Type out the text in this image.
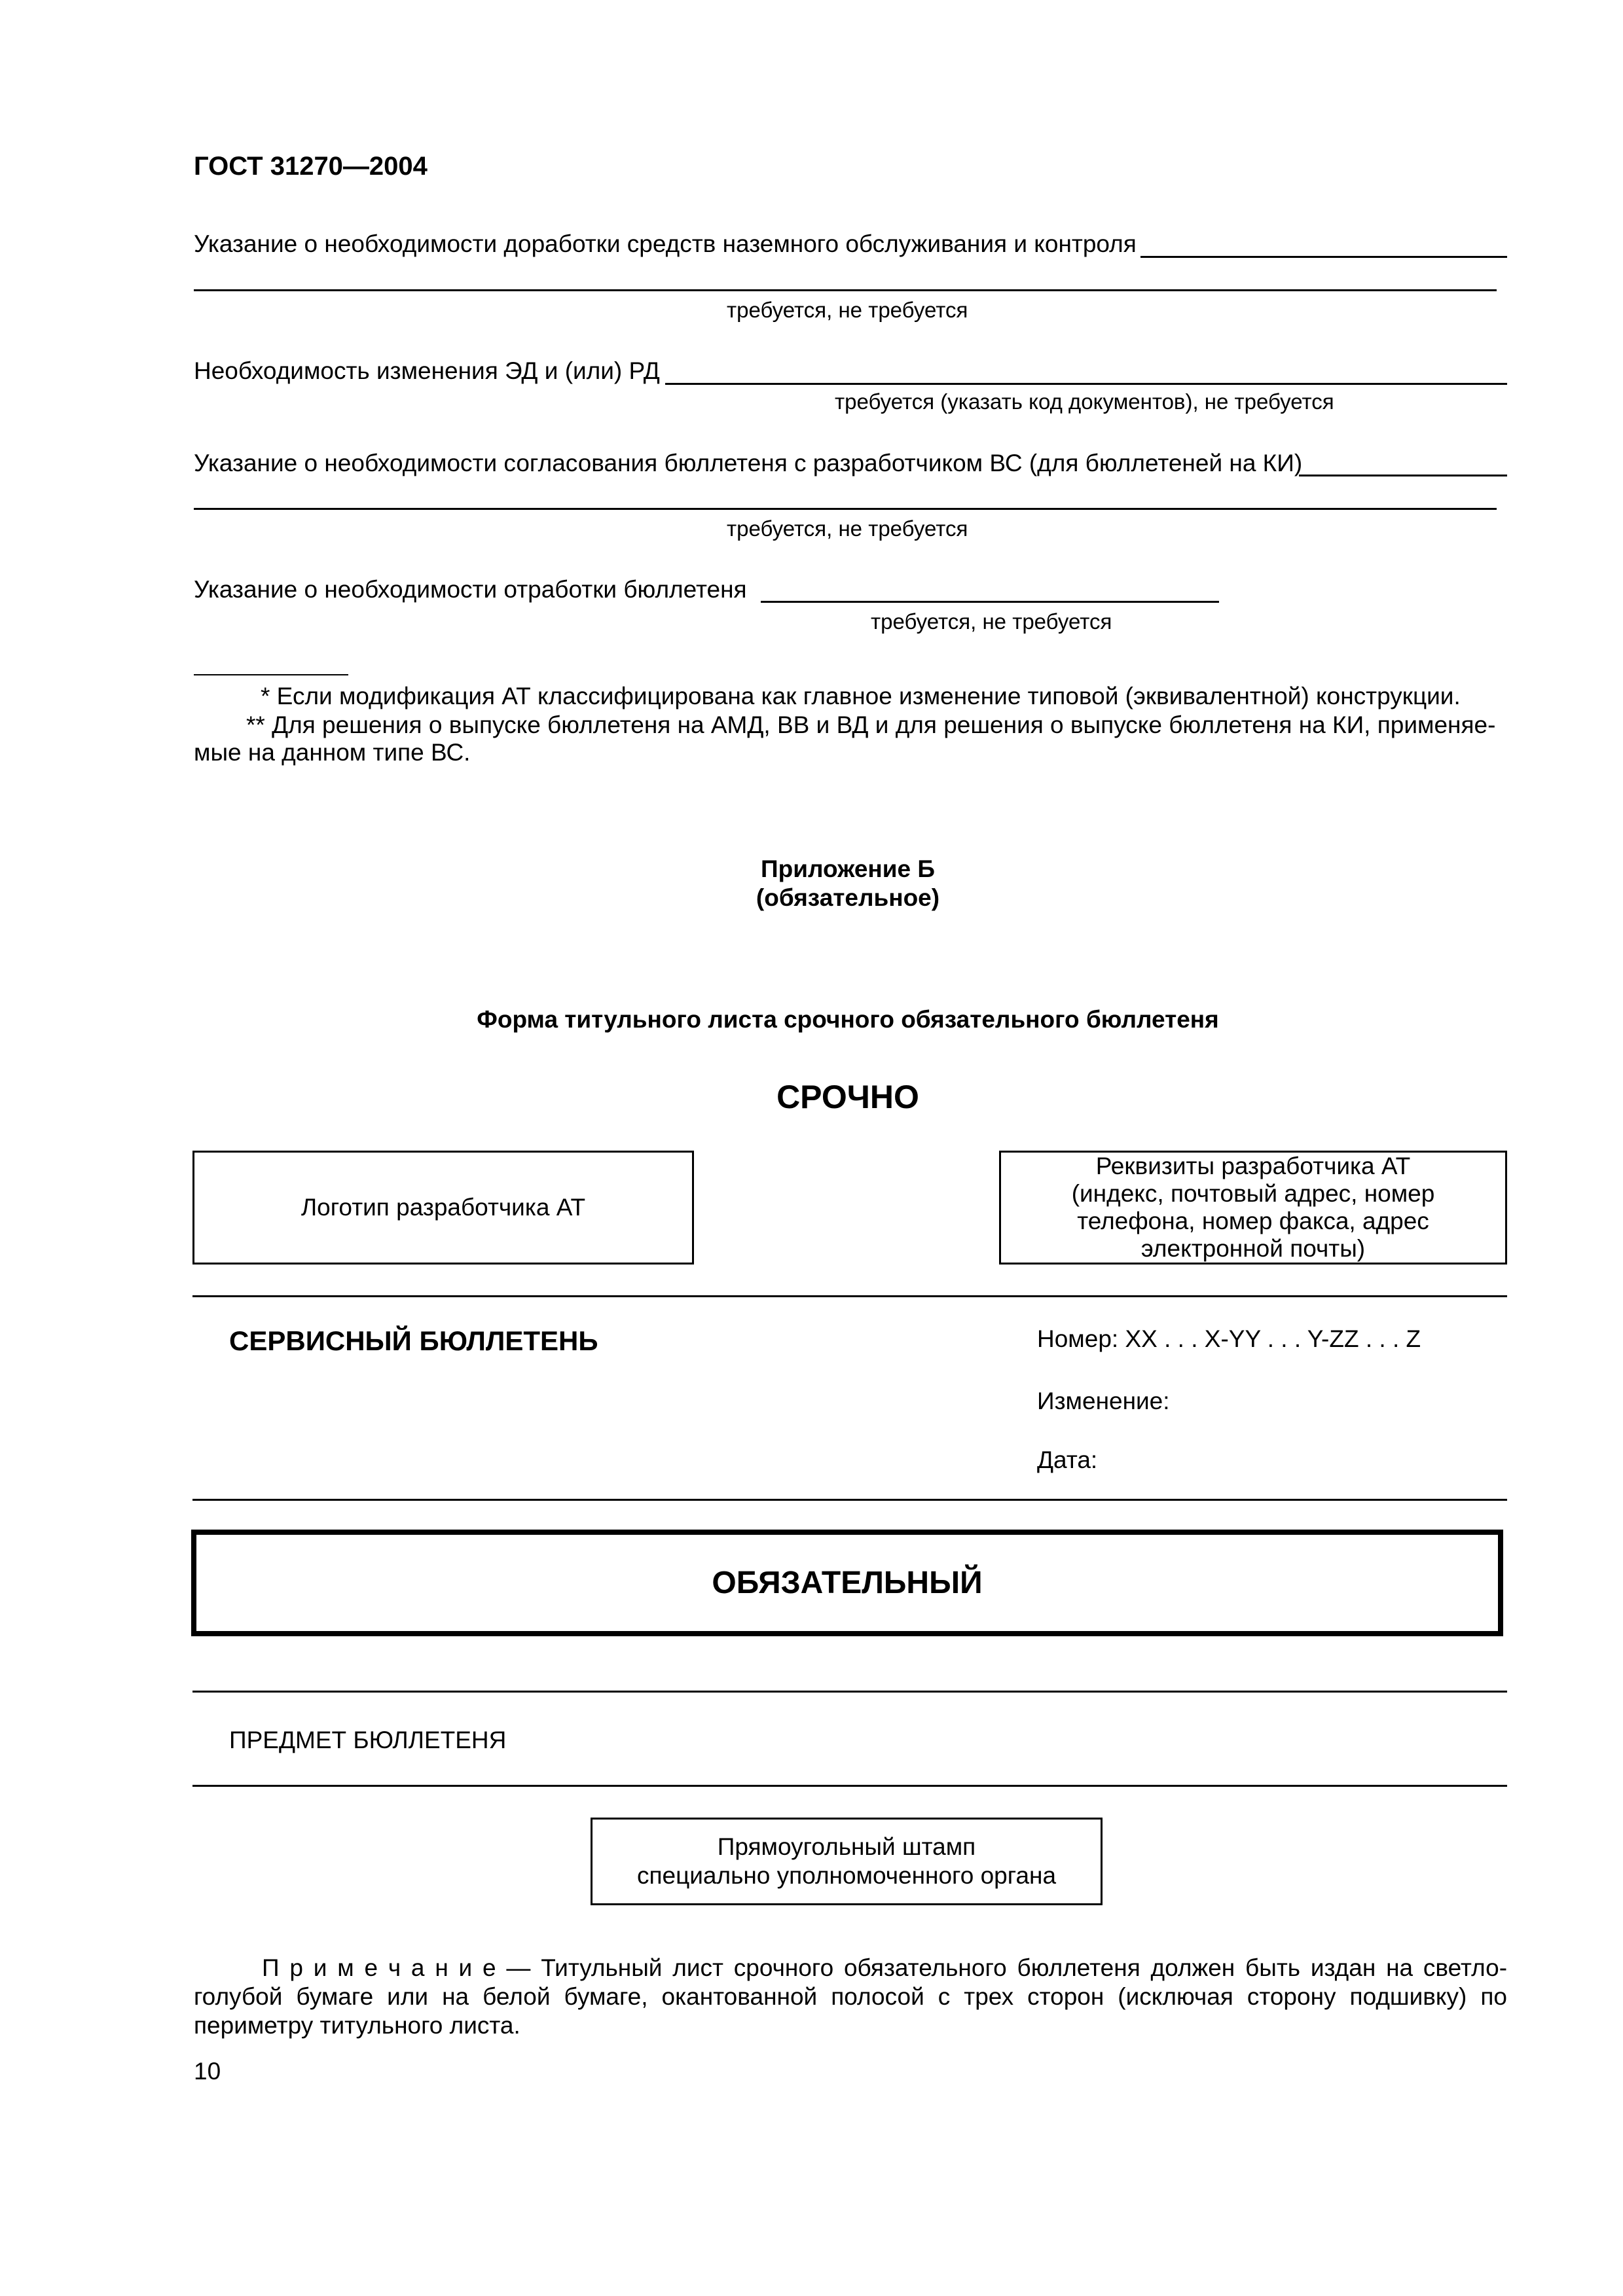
ГОСТ 31270—2004
Указание о необходимости доработки средств наземного обслуживания и контроля
требуется, не требуется
Необходимость изменения ЭД и (или) РД
требуется (указать код документов), не требуется
Указание о необходимости согласования бюллетеня с разработчиком ВС (для бюллетеней на КИ)
требуется, не требуется
Указание о необходимости отработки бюллетеня
требуется, не требуется
* Если модификация АТ классифицирована как главное изменение типовой (эквивалентной) конструкции.
** Для решения о выпуске бюллетеня на АМД, ВВ и ВД и для решения о выпуске бюллетеня на КИ, применяе-
мые на данном типе ВС.
Приложение Б
(обязательное)
Форма титульного листа срочного обязательного бюллетеня
СРОЧНО
Логотип разработчика АТ
Реквизиты разработчика АТ
(индекс, почтовый адрес, номер
телефона, номер факса, адрес
электронной почты)
СЕРВИСНЫЙ БЮЛЛЕТЕНЬ	Номер: XX . . . X-YY . . . Y-ZZ . . . Z
Изменение:
Дата:
ОБЯЗАТЕЛЬНЫЙ
ПРЕДМЕТ БЮЛЛЕТЕНЯ
Прямоугольный штамп
специально уполномоченного органа
П р и м е ч а н и е — Титульный лист срочного обязательного бюллетеня должен быть издан на светло-голубой бумаге или на белой бумаге, окантованной полосой с трех сторон (исключая сторону подшивку) по периметру титульного листа.
10
